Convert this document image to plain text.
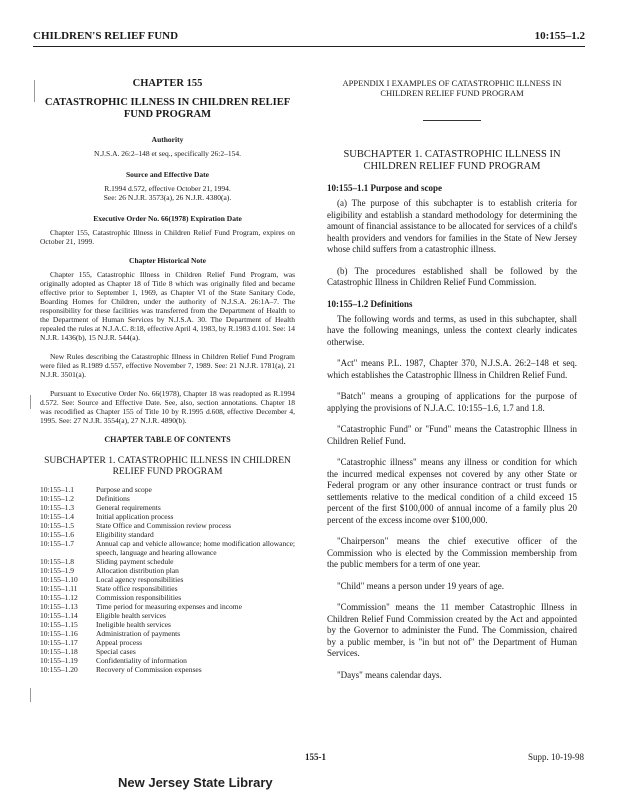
CHILDREN'S RELIEF FUND	10:155–1.2
CHAPTER 155
CATASTROPHIC ILLNESS IN CHILDREN RELIEF FUND PROGRAM
Authority
N.J.S.A. 26:2–148 et seq., specifically 26:2–154.
Source and Effective Date
R.1994 d.572, effective October 21, 1994.
See: 26 N.J.R. 3573(a), 26 N.J.R. 4380(a).
Executive Order No. 66(1978) Expiration Date
Chapter 155, Catastrophic Illness in Children Relief Fund Program, expires on October 21, 1999.
Chapter Historical Note
Chapter 155, Catastrophic Illness in Children Relief Fund Program, was originally adopted as Chapter 18 of Title 8 which was originally filed and became effective prior to September 1, 1969, as Chapter VI of the State Sanitary Code, Boarding Homes for Children, under the authority of N.J.S.A. 26:1A–7. The responsibility for these facilities was transferred from the Department of Health to the Department of Human Services by N.J.S.A. 30. The Department of Health repealed the rules at N.J.A.C. 8:18, effective April 4, 1983, by R.1983 d.101. See: 14 N.J.R. 1436(b), 15 N.J.R. 544(a).
New Rules describing the Catastrophic Illness in Children Relief Fund Program were filed as R.1989 d.557, effective November 7, 1989. See: 21 N.J.R. 1781(a), 21 N.J.R. 3501(a).
Pursuant to Executive Order No. 66(1978), Chapter 18 was readopted as R.1994 d.572. See: Source and Effective Date. See, also, section annotations. Chapter 18 was recodified as Chapter 155 of Title 10 by R.1995 d.608, effective December 4, 1995. See: 27 N.J.R. 3554(a), 27 N.J.R. 4890(b).
CHAPTER TABLE OF CONTENTS
SUBCHAPTER 1. CATASTROPHIC ILLNESS IN CHILDREN RELIEF FUND PROGRAM
10:155–1.1	Purpose and scope
10:155–1.2	Definitions
10:155–1.3	General requirements
10:155–1.4	Initial application process
10:155–1.5	State Office and Commission review process
10:155–1.6	Eligibility standard
10:155–1.7	Annual cap and vehicle allowance; home modification allowance; speech, language and hearing allowance
10:155–1.8	Sliding payment schedule
10:155–1.9	Allocation distribution plan
10:155–1.10	Local agency responsibilities
10:155–1.11	State office responsibilities
10:155–1.12	Commission responsibilities
10:155–1.13	Time period for measuring expenses and income
10:155–1.14	Eligible health services
10:155–1.15	Ineligible health services
10:155–1.16	Administration of payments
10:155–1.17	Appeal process
10:155–1.18	Special cases
10:155–1.19	Confidentiality of information
10:155–1.20	Recovery of Commission expenses
APPENDIX I EXAMPLES OF CATASTROPHIC ILLNESS IN CHILDREN RELIEF FUND PROGRAM
SUBCHAPTER 1. CATASTROPHIC ILLNESS IN CHILDREN RELIEF FUND PROGRAM
10:155–1.1 Purpose and scope
(a) The purpose of this subchapter is to establish criteria for eligibility and establish a standard methodology for determining the amount of financial assistance to be allocated for services of a child's health providers and vendors for families in the State of New Jersey whose child suffers from a catastrophic illness.
(b) The procedures established shall be followed by the Catastrophic Illness in Children Relief Fund Commission.
10:155–1.2 Definitions
The following words and terms, as used in this subchapter, shall have the following meanings, unless the context clearly indicates otherwise.
"Act" means P.L. 1987, Chapter 370, N.J.S.A. 26:2–148 et seq. which establishes the Catastrophic Illness in Children Relief Fund.
"Batch" means a grouping of applications for the purpose of applying the provisions of N.J.A.C. 10:155–1.6, 1.7 and 1.8.
"Catastrophic Fund" or "Fund" means the Catastrophic Illness in Children Relief Fund.
"Catastrophic illness" means any illness or condition for which the incurred medical expenses not covered by any other State or Federal program or any other insurance contract or trust funds or settlements relative to the medical condition of a child exceed 15 percent of the first $100,000 of annual income of a family plus 20 percent of the excess income over $100,000.
"Chairperson" means the chief executive officer of the Commission who is elected by the Commission membership from the public members for a term of one year.
"Child" means a person under 19 years of age.
"Commission" means the 11 member Catastrophic Illness in Children Relief Fund Commission created by the Act and appointed by the Governor to administer the Fund. The Commission, chaired by a public member, is "in but not of" the Department of Human Services.
"Days" means calendar days.
155-1	Supp. 10-19-98
New Jersey State Library
